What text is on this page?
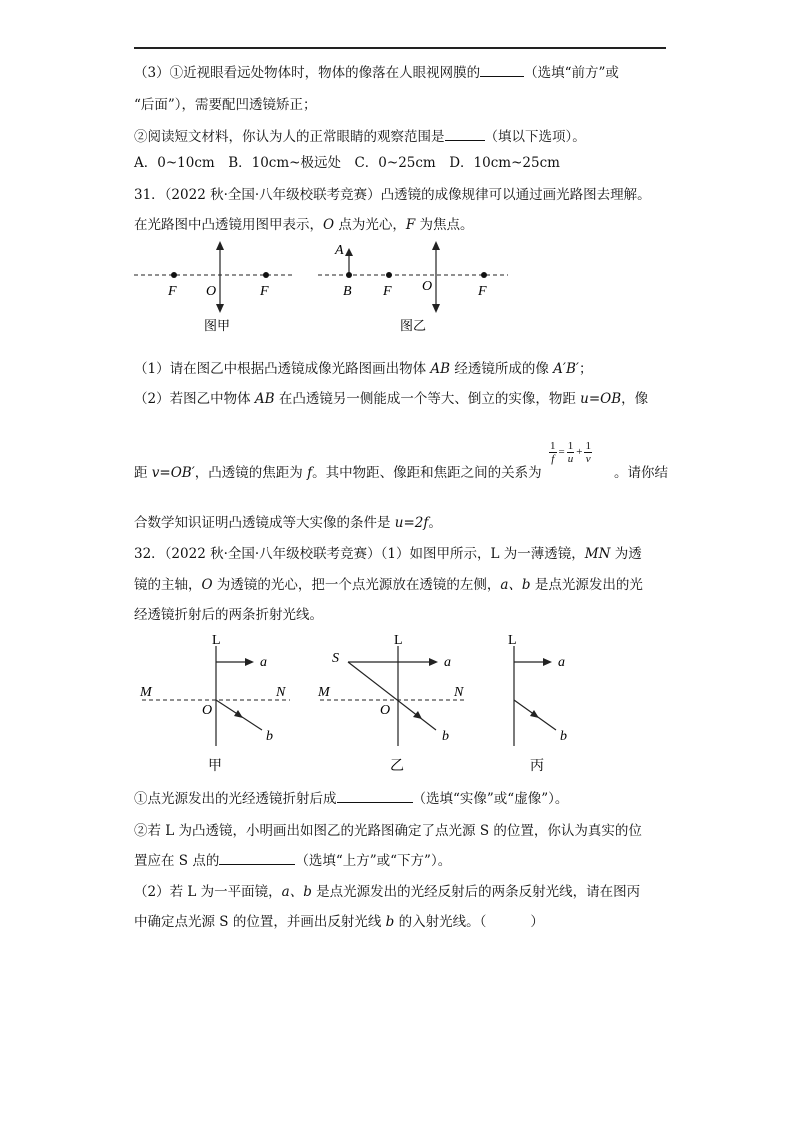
（3）①近视眼看远处物体时，物体的像落在人眼视网膜的	（选填“前方”或
“后面”），需要配凹透镜矫正；
②阅读短文材料，你认为人的正常眼睛的观察范围是	（填以下选项）。
A．0~10cm　B．10cm~极远处　C．0~25cm　D．10cm~25cm
31．（2022 秋·全国·八年级校联考竞赛）凸透镜的成像规律可以通过画光路图去理解。
在光路图中凸透镜用图甲表示，O 点为光心，F 为焦点。
F O	F
图甲
A
B F O	F
图乙
（1）请在图乙中根据凸透镜成像光路图画出物体 AB 经透镜所成的像 A′B′；
（2）若图乙中物体 AB 在凸透镜另一侧能成一个等大、倒立的实像，物距 u=OB，像
距 v=OB′，凸透镜的焦距为 f。其中物距、像距和焦距之间的关系为
$\frac{1}{f} = \frac{1}{u} + \frac{1}{v}$
。请你结
合数学知识证明凸透镜成等大实像的条件是 u=2f。
32．（2022 秋·全国·八年级校联考竞赛）（1）如图甲所示，L 为一薄透镜，MN 为透
镜的主轴，O 为透镜的光心，把一个点光源放在透镜的左侧，a、b 是点光源发出的光
经透镜折射后的两条折射光线。
L
a
M	N
O
b
甲
S
L
a
M	N
O
b
乙
L
a
b
丙
①点光源发出的光经透镜折射后成	（选填“实像”或“虚像”）。
②若 L 为凸透镜，小明画出如图乙的光路图确定了点光源 S 的位置，你认为真实的位
置应在 S 点的	（选填“上方”或“下方”）。
（2）若 L 为一平面镜，a、b 是点光源发出的光经反射后的两条反射光线，请在图丙
中确定点光源 S 的位置，并画出反射光线 b 的入射光线。（	）
